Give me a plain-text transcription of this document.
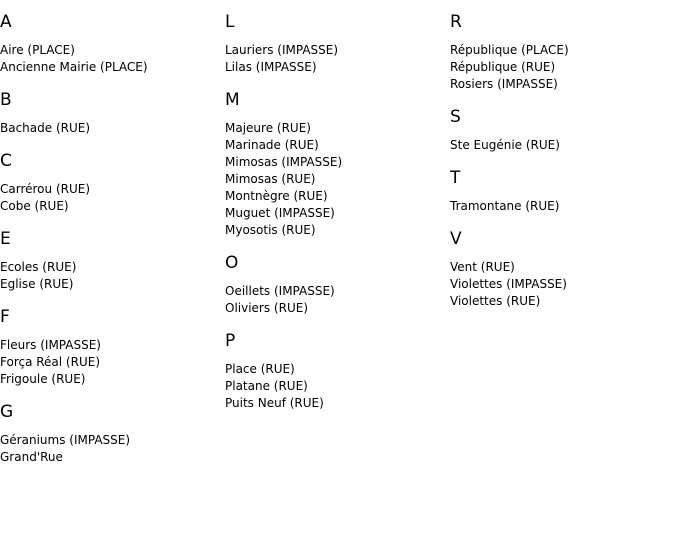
A
Aire (PLACE)
Ancienne Mairie (PLACE)
B
Bachade (RUE)
C
Carrérou (RUE)
Cobe (RUE)
E
Ecoles (RUE)
Eglise (RUE)
F
Fleurs (IMPASSE)
Força Réal (RUE)
Frigoule (RUE)
G
Géraniums (IMPASSE)
Grand'Rue
L
Lauriers (IMPASSE)
Lilas (IMPASSE)
M
Majeure (RUE)
Marinade (RUE)
Mimosas (IMPASSE)
Mimosas (RUE)
Montnègre (RUE)
Muguet (IMPASSE)
Myosotis (RUE)
O
Oeillets (IMPASSE)
Oliviers (RUE)
P
Place (RUE)
Platane (RUE)
Puits Neuf (RUE)
R
République (PLACE)
République (RUE)
Rosiers (IMPASSE)
S
Ste Eugénie (RUE)
T
Tramontane (RUE)
V
Vent (RUE)
Violettes (IMPASSE)
Violettes (RUE)
